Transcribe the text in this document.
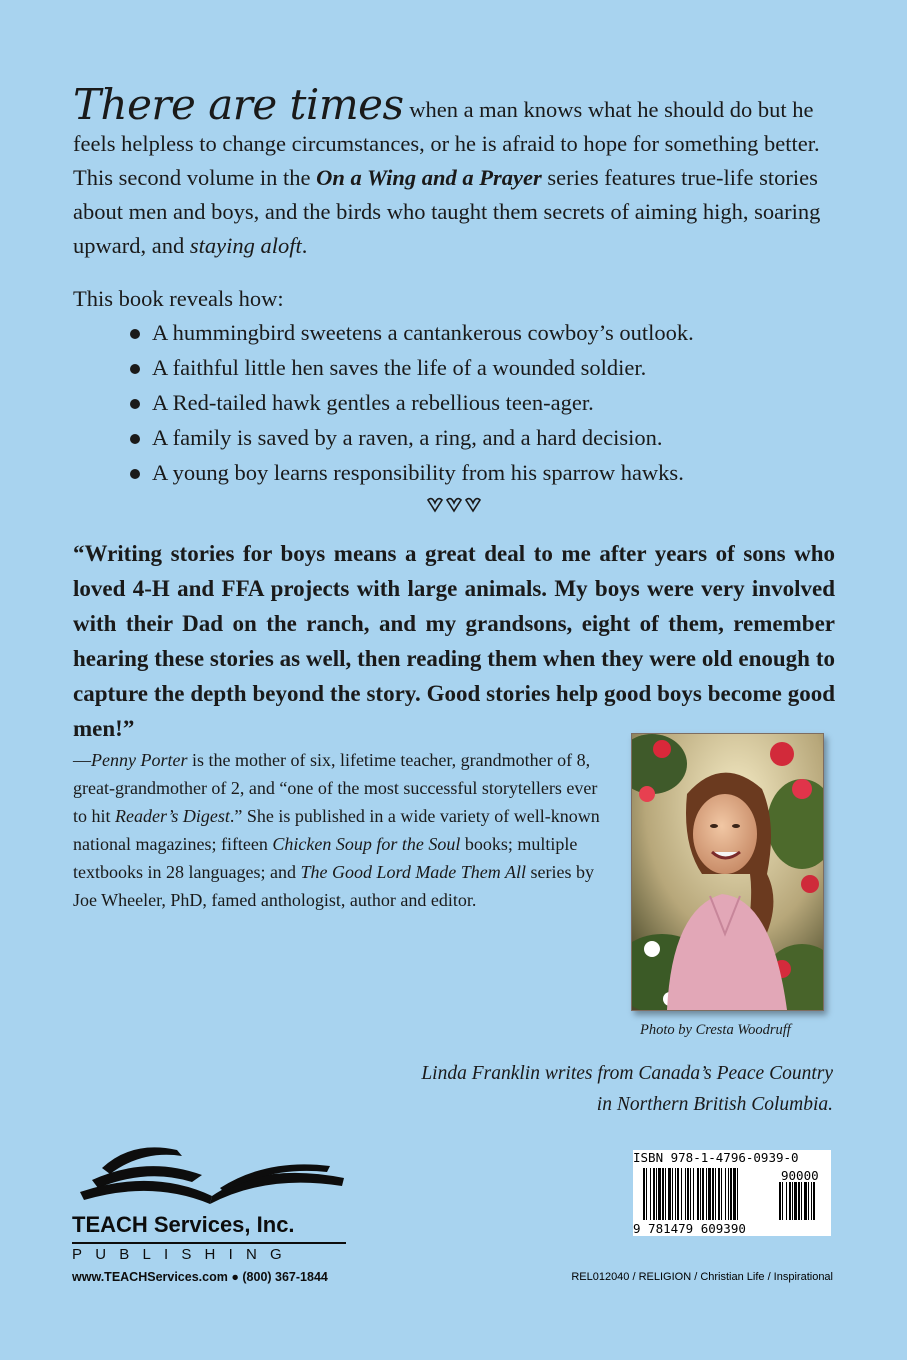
There are times when a man knows what he should do but he feels helpless to change circumstances, or he is afraid to hope for something better. This second volume in the On a Wing and a Prayer series features true-life stories about men and boys, and the birds who taught them secrets of aiming high, soaring upward, and staying aloft.
This book reveals how:
A hummingbird sweetens a cantankerous cowboy’s outlook.
A faithful little hen saves the life of a wounded soldier.
A Red-tailed hawk gentles a rebellious teen-ager.
A family is saved by a raven, a ring, and a hard decision.
A young boy learns responsibility from his sparrow hawks.
“Writing stories for boys means a great deal to me after years of sons who loved 4-H and FFA projects with large animals. My boys were very involved with their Dad on the ranch, and my grandsons, eight of them, remember hearing these stories as well, then reading them when they were old enough to capture the depth beyond the story. Good stories help good boys become good men!”
—Penny Porter is the mother of six, lifetime teacher, grandmother of 8, great-grandmother of 2, and “one of the most successful storytellers ever to hit Reader’s Digest.” She is published in a wide variety of well-known national magazines; fifteen Chicken Soup for the Soul books; multiple textbooks in 28 languages; and The Good Lord Made Them All series by Joe Wheeler, PhD, famed anthologist, author and editor.
Photo by Cresta Woodruff
Linda Franklin writes from Canada’s Peace Country in Northern British Columbia.
TEACH Services, Inc.
PUBLISHING
www.TEACHServices.com ● (800) 367-1844
ISBN 978-1-4796-0939-0
90000
9 781479 609390
REL012040 / RELIGION / Christian Life / Inspirational
